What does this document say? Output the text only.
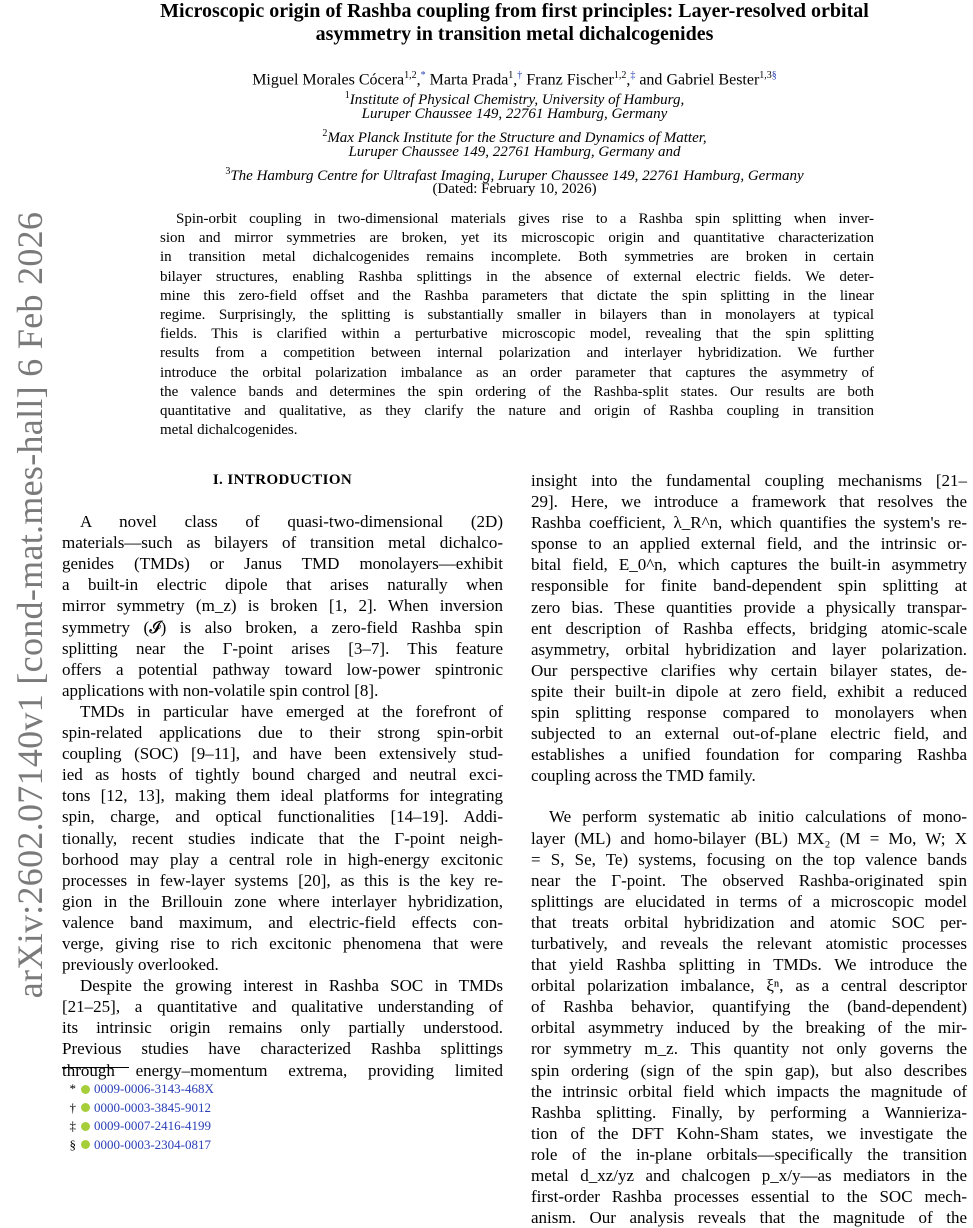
arXiv:2602.07140v1 [cond-mat.mes-hall] 6 Feb 2026
Microscopic origin of Rashba coupling from first principles: Layer-resolved orbital
asymmetry in transition metal dichalcogenides
Miguel Morales Cócera$^{1,2}$,* Marta Prada$^1$,† Franz Fischer$^{1,2}$,‡ and Gabriel Bester$^{1,3\S}$
$^1$Institute of Physical Chemistry, University of Hamburg,
Luruper Chaussee 149, 22761 Hamburg, Germany
$^2$Max Planck Institute for the Structure and Dynamics of Matter,
Luruper Chaussee 149, 22761 Hamburg, Germany and
$^3$The Hamburg Centre for Ultrafast Imaging, Luruper Chaussee 149, 22761 Hamburg, Germany
(Dated: February 10, 2026)
Spin-orbit coupling in two-dimensional materials gives rise to a Rashba spin splitting when inver-
sion and mirror symmetries are broken, yet its microscopic origin and quantitative characterization
in transition metal dichalcogenides remains incomplete. Both symmetries are broken in certain
bilayer structures, enabling Rashba splittings in the absence of external electric fields. We deter-
mine this zero-field offset and the Rashba parameters that dictate the spin splitting in the linear
regime. Surprisingly, the splitting is substantially smaller in bilayers than in monolayers at typical
fields. This is clarified within a perturbative microscopic model, revealing that the spin splitting
results from a competition between internal polarization and interlayer hybridization. We further
introduce the orbital polarization imbalance as an order parameter that captures the asymmetry of
the valence bands and determines the spin ordering of the Rashba-split states. Our results are both
quantitative and qualitative, as they clarify the nature and origin of Rashba coupling in transition
metal dichalcogenides.
I. INTRODUCTION
A novel class of quasi-two-dimensional (2D)
materials—such as bilayers of transition metal dichalco-
genides (TMDs) or Janus TMD monolayers—exhibit
a built-in electric dipole that arises naturally when
mirror symmetry (m_z) is broken [1, 2]. When inversion
symmetry (𝓘) is also broken, a zero-field Rashba spin
splitting near the Γ-point arises [3–7]. This feature
offers a potential pathway toward low-power spintronic
applications with non-volatile spin control [8].
TMDs in particular have emerged at the forefront of
spin-related applications due to their strong spin-orbit
coupling (SOC) [9–11], and have been extensively stud-
ied as hosts of tightly bound charged and neutral exci-
tons [12, 13], making them ideal platforms for integrating
spin, charge, and optical functionalities [14–19]. Addi-
tionally, recent studies indicate that the Γ-point neigh-
borhood may play a central role in high-energy excitonic
processes in few-layer systems [20], as this is the key re-
gion in the Brillouin zone where interlayer hybridization,
valence band maximum, and electric-field effects con-
verge, giving rise to rich excitonic phenomena that were
previously overlooked.
Despite the growing interest in Rashba SOC in TMDs
[21–25], a quantitative and qualitative understanding of
its intrinsic origin remains only partially understood.
Previous studies have characterized Rashba splittings
through energy–momentum extrema, providing limited
insight into the fundamental coupling mechanisms [21–
29]. Here, we introduce a framework that resolves the
Rashba coefficient, λ_R^n, which quantifies the system's re-
sponse to an applied external field, and the intrinsic or-
bital field, E_0^n, which captures the built-in asymmetry
responsible for finite band-dependent spin splitting at
zero bias. These quantities provide a physically transpar-
ent description of Rashba effects, bridging atomic-scale
asymmetry, orbital hybridization and layer polarization.
Our perspective clarifies why certain bilayer states, de-
spite their built-in dipole at zero field, exhibit a reduced
spin splitting response compared to monolayers when
subjected to an external out-of-plane electric field, and
establishes a unified foundation for comparing Rashba
coupling across the TMD family.
We perform systematic ab initio calculations of mono-
layer (ML) and homo-bilayer (BL) MX₂ (M = Mo, W; X
= S, Se, Te) systems, focusing on the top valence bands
near the Γ-point. The observed Rashba-originated spin
splittings are elucidated in terms of a microscopic model
that treats orbital hybridization and atomic SOC per-
turbatively, and reveals the relevant atomistic processes
that yield Rashba splitting in TMDs. We introduce the
orbital polarization imbalance, ξⁿ, as a central descriptor
of Rashba behavior, quantifying the (band-dependent)
orbital asymmetry induced by the breaking of the mir-
ror symmetry m_z. This quantity not only governs the
spin ordering (sign of the spin gap), but also describes
the intrinsic orbital field which impacts the magnitude of
Rashba splitting. Finally, by performing a Wannieriza-
tion of the DFT Kohn-Sham states, we investigate the
role of the in-plane orbitals—specifically the transition
metal d_xz/yz and chalcogen p_x/y—as mediators in the
first-order Rashba processes essential to the SOC mech-
anism. Our analysis reveals that the magnitude of the
* 0009-0006-3143-468X
† 0000-0003-3845-9012
‡ 0009-0007-2416-4199
§ 0000-0003-2304-0817
